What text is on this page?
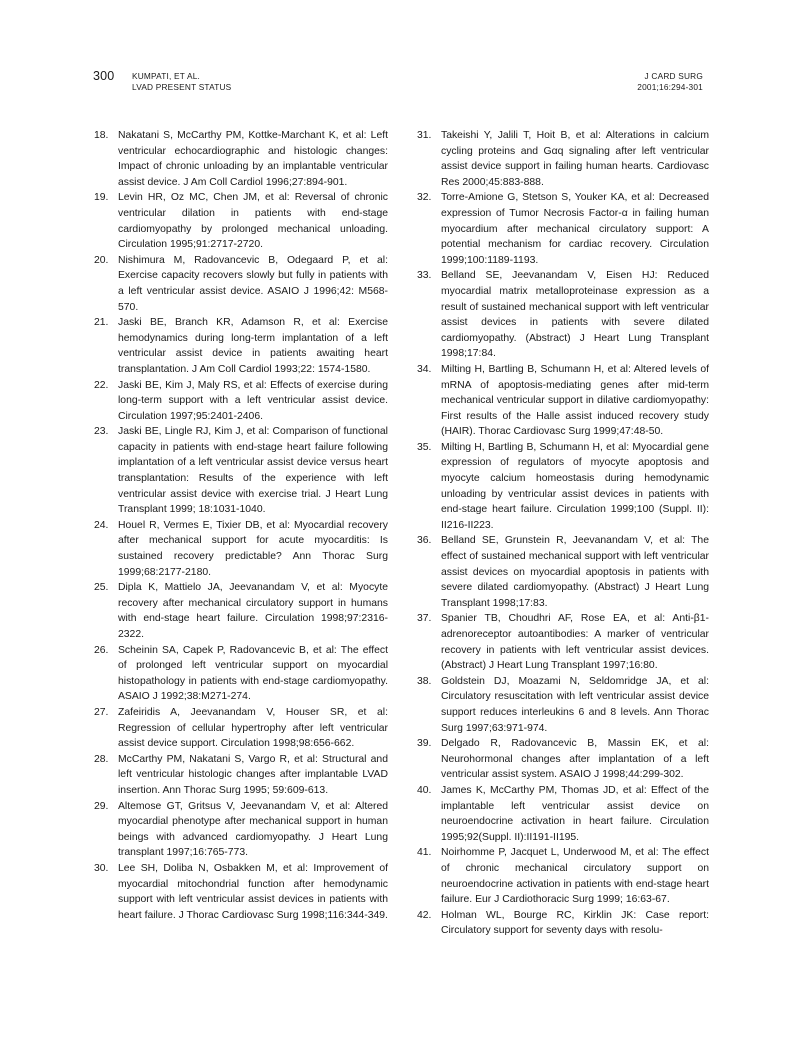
300 KUMPATI, ET AL.
LVAD PRESENT STATUS
J CARD SURG
2001;16:294-301
18. Nakatani S, McCarthy PM, Kottke-Marchant K, et al: Left ventricular echocardiographic and histologic changes: Impact of chronic unloading by an implantable ventricular assist device. J Am Coll Cardiol 1996;27:894-901.
19. Levin HR, Oz MC, Chen JM, et al: Reversal of chronic ventricular dilation in patients with end-stage cardiomyopathy by prolonged mechanical unloading. Circulation 1995;91:2717-2720.
20. Nishimura M, Radovancevic B, Odegaard P, et al: Exercise capacity recovers slowly but fully in patients with a left ventricular assist device. ASAIO J 1996;42: M568-570.
21. Jaski BE, Branch KR, Adamson R, et al: Exercise hemodynamics during long-term implantation of a left ventricular assist device in patients awaiting heart transplantation. J Am Coll Cardiol 1993;22: 1574-1580.
22. Jaski BE, Kim J, Maly RS, et al: Effects of exercise during long-term support with a left ventricular assist device. Circulation 1997;95:2401-2406.
23. Jaski BE, Lingle RJ, Kim J, et al: Comparison of functional capacity in patients with end-stage heart failure following implantation of a left ventricular assist device versus heart transplantation: Results of the experience with left ventricular assist device with exercise trial. J Heart Lung Transplant 1999; 18:1031-1040.
24. Houel R, Vermes E, Tixier DB, et al: Myocardial recovery after mechanical support for acute myocarditis: Is sustained recovery predictable? Ann Thorac Surg 1999;68:2177-2180.
25. Dipla K, Mattielo JA, Jeevanandam V, et al: Myocyte recovery after mechanical circulatory support in humans with end-stage heart failure. Circulation 1998;97:2316-2322.
26. Scheinin SA, Capek P, Radovancevic B, et al: The effect of prolonged left ventricular support on myocardial histopathology in patients with end-stage cardiomyopathy. ASAIO J 1992;38:M271-274.
27. Zafeiridis A, Jeevanandam V, Houser SR, et al: Regression of cellular hypertrophy after left ventricular assist device support. Circulation 1998;98:656-662.
28. McCarthy PM, Nakatani S, Vargo R, et al: Structural and left ventricular histologic changes after implantable LVAD insertion. Ann Thorac Surg 1995; 59:609-613.
29. Altemose GT, Gritsus V, Jeevanandam V, et al: Altered myocardial phenotype after mechanical support in human beings with advanced cardiomyopathy. J Heart Lung transplant 1997;16:765-773.
30. Lee SH, Doliba N, Osbakken M, et al: Improvement of myocardial mitochondrial function after hemodynamic support with left ventricular assist devices in patients with heart failure. J Thorac Cardiovasc Surg 1998;116:344-349.
31. Takeishi Y, Jalili T, Hoit B, et al: Alterations in calcium cycling proteins and Gαq signaling after left ventricular assist device support in failing human hearts. Cardiovasc Res 2000;45:883-888.
32. Torre-Amione G, Stetson S, Youker KA, et al: Decreased expression of Tumor Necrosis Factor-α in failing human myocardium after mechanical circulatory support: A potential mechanism for cardiac recovery. Circulation 1999;100:1189-1193.
33. Belland SE, Jeevanandam V, Eisen HJ: Reduced myocardial matrix metalloproteinase expression as a result of sustained mechanical support with left ventricular assist devices in patients with severe dilated cardiomyopathy. (Abstract) J Heart Lung Transplant 1998;17:84.
34. Milting H, Bartling B, Schumann H, et al: Altered levels of mRNA of apoptosis-mediating genes after mid-term mechanical ventricular support in dilative cardiomyopathy: First results of the Halle assist induced recovery study (HAIR). Thorac Cardiovasc Surg 1999;47:48-50.
35. Milting H, Bartling B, Schumann H, et al: Myocardial gene expression of regulators of myocyte apoptosis and myocyte calcium homeostasis during hemodynamic unloading by ventricular assist devices in patients with end-stage heart failure. Circulation 1999;100 (Suppl. II): II216-II223.
36. Belland SE, Grunstein R, Jeevanandam V, et al: The effect of sustained mechanical support with left ventricular assist devices on myocardial apoptosis in patients with severe dilated cardiomyopathy. (Abstract) J Heart Lung Transplant 1998;17:83.
37. Spanier TB, Choudhri AF, Rose EA, et al: Anti-β1-adrenoreceptor autoantibodies: A marker of ventricular recovery in patients with left ventricular assist devices. (Abstract) J Heart Lung Transplant 1997;16:80.
38. Goldstein DJ, Moazami N, Seldomridge JA, et al: Circulatory resuscitation with left ventricular assist device support reduces interleukins 6 and 8 levels. Ann Thorac Surg 1997;63:971-974.
39. Delgado R, Radovancevic B, Massin EK, et al: Neurohormonal changes after implantation of a left ventricular assist system. ASAIO J 1998;44:299-302.
40. James K, McCarthy PM, Thomas JD, et al: Effect of the implantable left ventricular assist device on neuroendocrine activation in heart failure. Circulation 1995;92(Suppl. II):II191-II195.
41. Noirhomme P, Jacquet L, Underwood M, et al: The effect of chronic mechanical circulatory support on neuroendocrine activation in patients with end-stage heart failure. Eur J Cardiothoracic Surg 1999; 16:63-67.
42. Holman WL, Bourge RC, Kirklin JK: Case report: Circulatory support for seventy days with resolu-
